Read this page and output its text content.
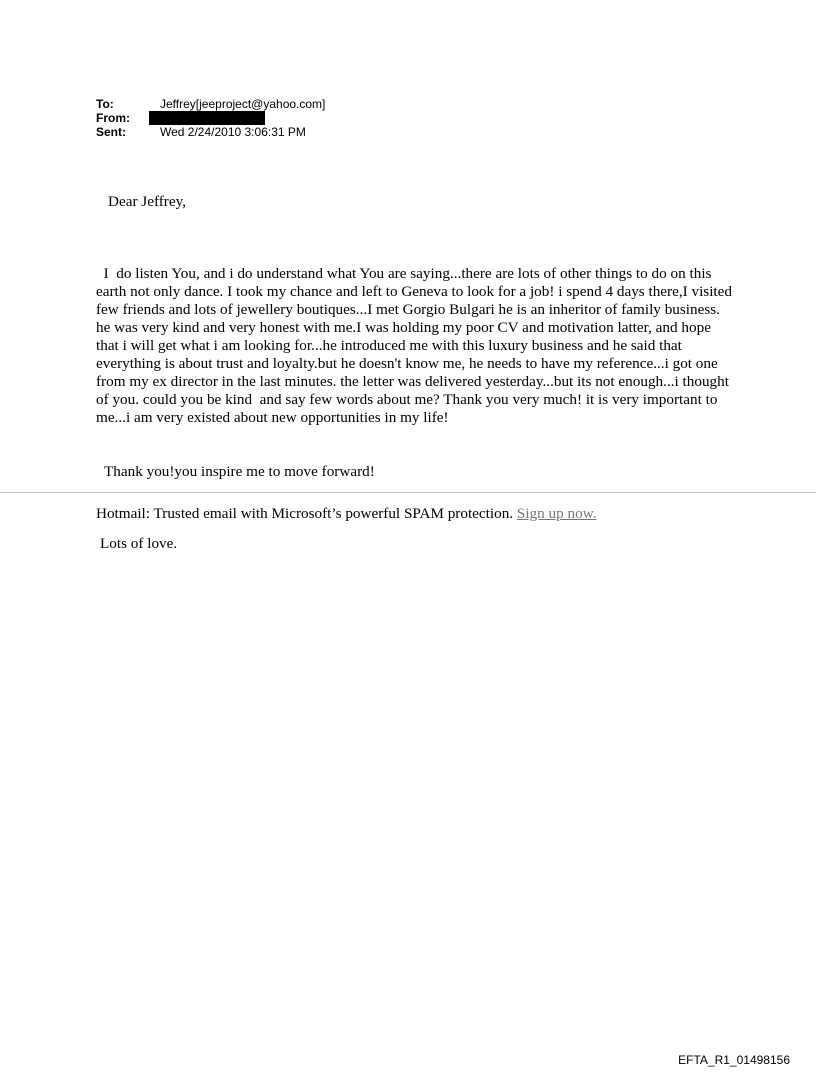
To:	Jeffrey[jeeproject@yahoo.com]
From:
Sent:	Wed 2/24/2010 3:06:31 PM

Dear Jeffrey,

I  do listen You, and i do understand what You are saying...there are lots of other things to do on this earth not only dance. I took my chance and left to Geneva to look for a job! i spend 4 days there,I visited few friends and lots of jewellery boutiques...I met Gorgio Bulgari he is an inheritor of family business. he was very kind and very honest with me.I was holding my poor CV and motivation latter, and hope that i will get what i am looking for...he introduced me with this luxury business and he said that everything is about trust and loyalty.but he doesn't know me, he needs to have my reference...i got one from my ex director in the last minutes. the letter was delivered yesterday...but its not enough...i thought of you. could you be kind  and say few words about me? Thank you very much! it is very important to me...i am very existed about new opportunities in my life!

Thank you!you inspire me to move forward!

Lots of love.

Hotmail: Trusted email with Microsoft’s powerful SPAM protection. Sign up now.
EFTA_R1_01498156
